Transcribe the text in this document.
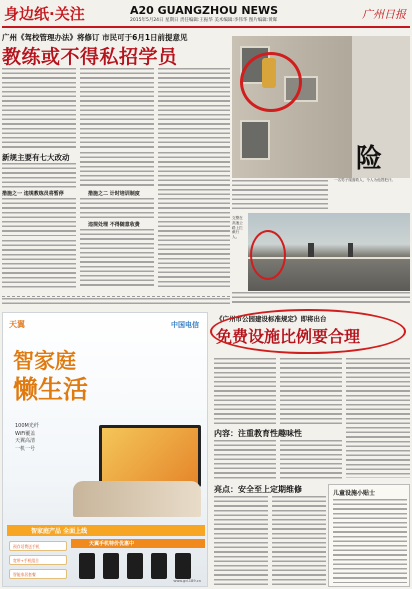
身边纸·关注	A20 GUANGZHOU NEWS
2015年5月24日 星期日 责任编辑:王振华 美术编辑:李伟华 图片编辑:黄晖	广州日报
广州《驾校管理办法》将修订 市民可于6月1日前提意见
教练或不得私招学员
新规主要有七大改动
措施之一 违规教练员将暂停	措施之二 计时培训制度
违规处理 不得随意收费
险
一名男子爬窗救人，令人为他捏把汗。
交警在高速公路上拦截行人。
天翼	中国电信
智家庭
懒生活
100M光纤
WiFi覆盖
天翼高清
一机一号
智家庭产品 全面上线
天翼手机特价优惠中
预存话费送手机
宽带+手机组合
智能家居套餐
www.gd.189.cn
《广州市公园建设标准规定》即将出台
免费设施比例要合理
内容：注重教育性趣味性
亮点：安全至上定期维修	儿童设施小贴士
